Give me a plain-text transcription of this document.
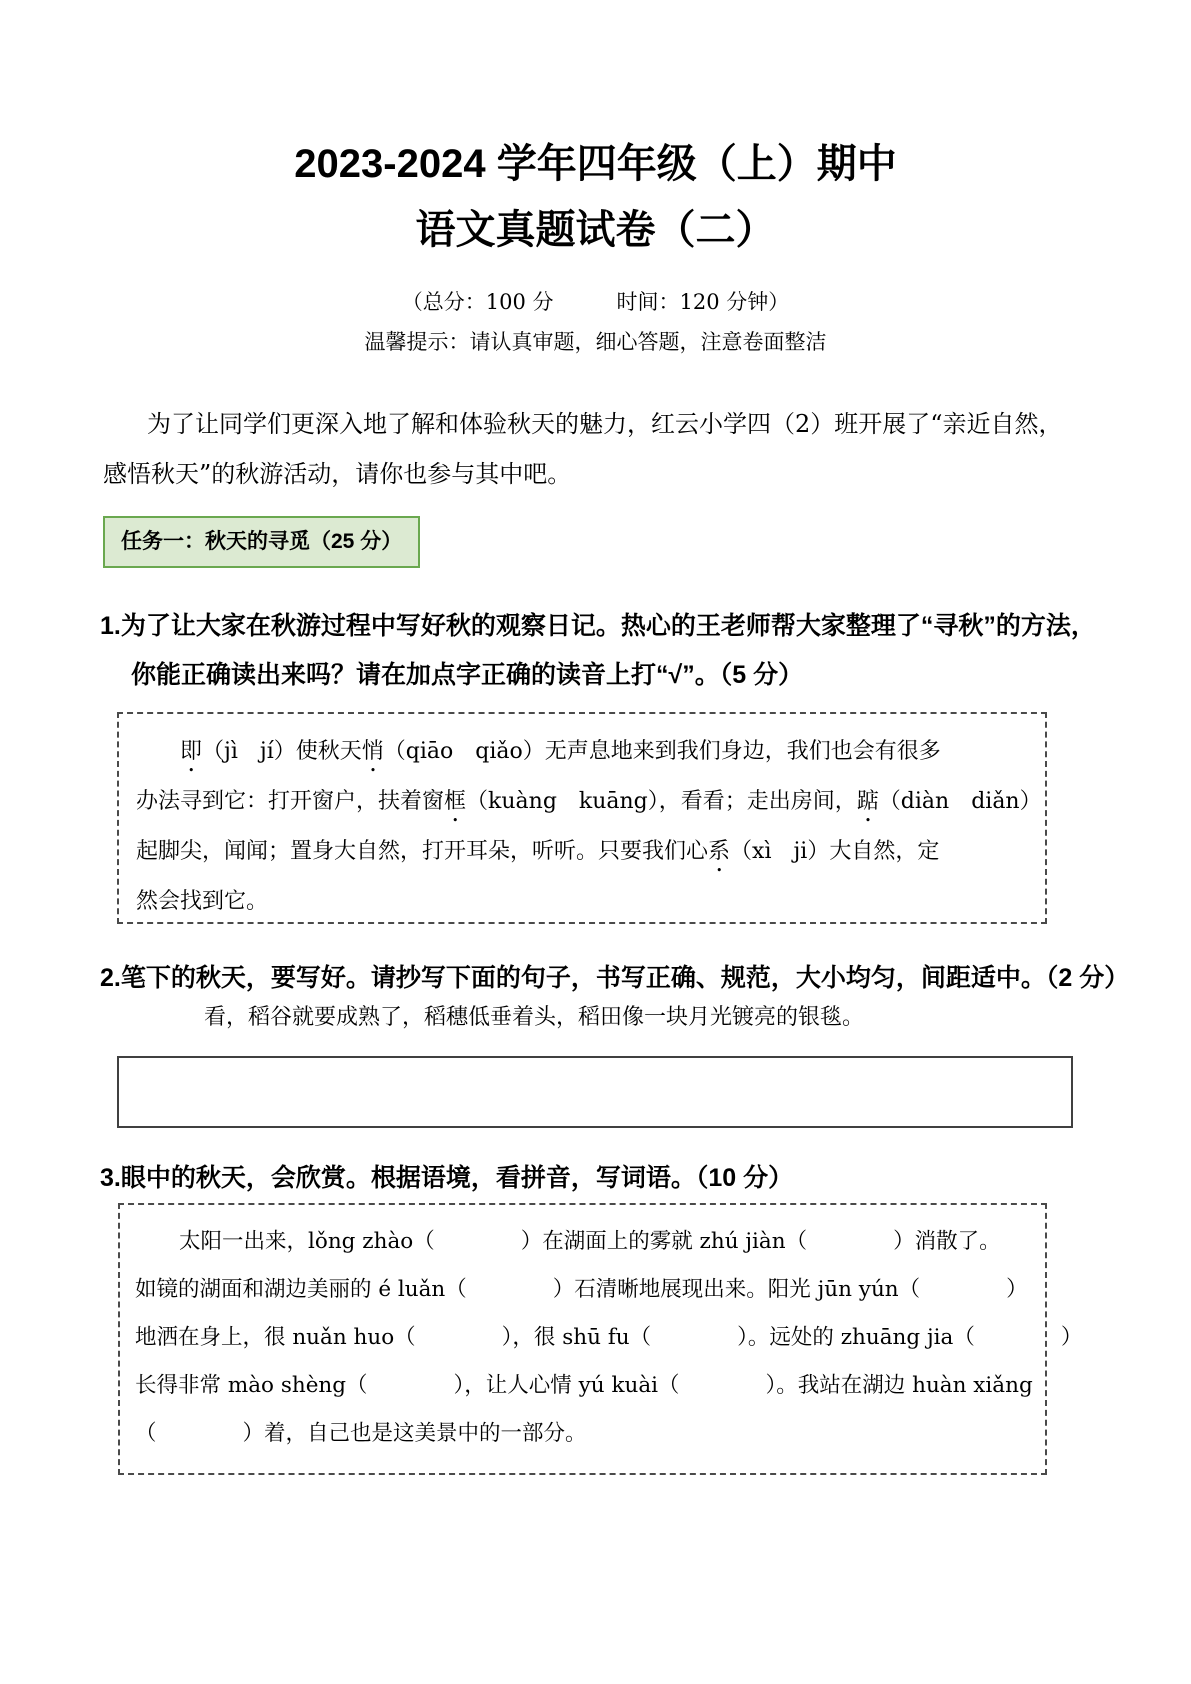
2023-2024 学年四年级（上）期中
语文真题试卷（二）
（总分：100 分　　　时间：120 分钟）
温馨提示：请认真审题，细心答题，注意卷面整洁
为了让同学们更深入地了解和体验秋天的魅力，红云小学四（2）班开展了“亲近自然，
感悟秋天”的秋游活动，请你也参与其中吧。
任务一：秋天的寻觅（25 分）
1.为了让大家在秋游过程中写好秋的观察日记。热心的王老师帮大家整理了“寻秋”的方法，
你能正确读出来吗？请在加点字正确的读音上打“√”。（5 分）
即（jì　jí）使秋天悄（qiāo　qiǎo）无声息地来到我们身边，我们也会有很多
办法寻到它：打开窗户，扶着窗框（kuàng　kuāng），看看；走出房间，踮（diàn　diǎn）
起脚尖，闻闻；置身大自然，打开耳朵，听听。只要我们心系（xì　ji）大自然，定
然会找到它。
2.笔下的秋天，要写好。请抄写下面的句子，书写正确、规范，大小均匀，间距适中。（2 分）
看，稻谷就要成熟了，稻穗低垂着头，稻田像一块月光镀亮的银毯。
3.眼中的秋天，会欣赏。根据语境，看拼音，写词语。（10 分）
太阳一出来，lǒng zhào（　　　　）在湖面上的雾就 zhú jiàn（　　　　）消散了。
如镜的湖面和湖边美丽的 é luǎn（　　　　）石清晰地展现出来。阳光 jūn yún（　　　　）
地洒在身上，很 nuǎn huo（　　　　），很 shū fu（　　　　）。远处的 zhuāng jia（　　　　）
长得非常 mào shèng（　　　　），让人心情 yú kuài（　　　　）。我站在湖边 huàn xiǎng
（　　　　）着，自己也是这美景中的一部分。
